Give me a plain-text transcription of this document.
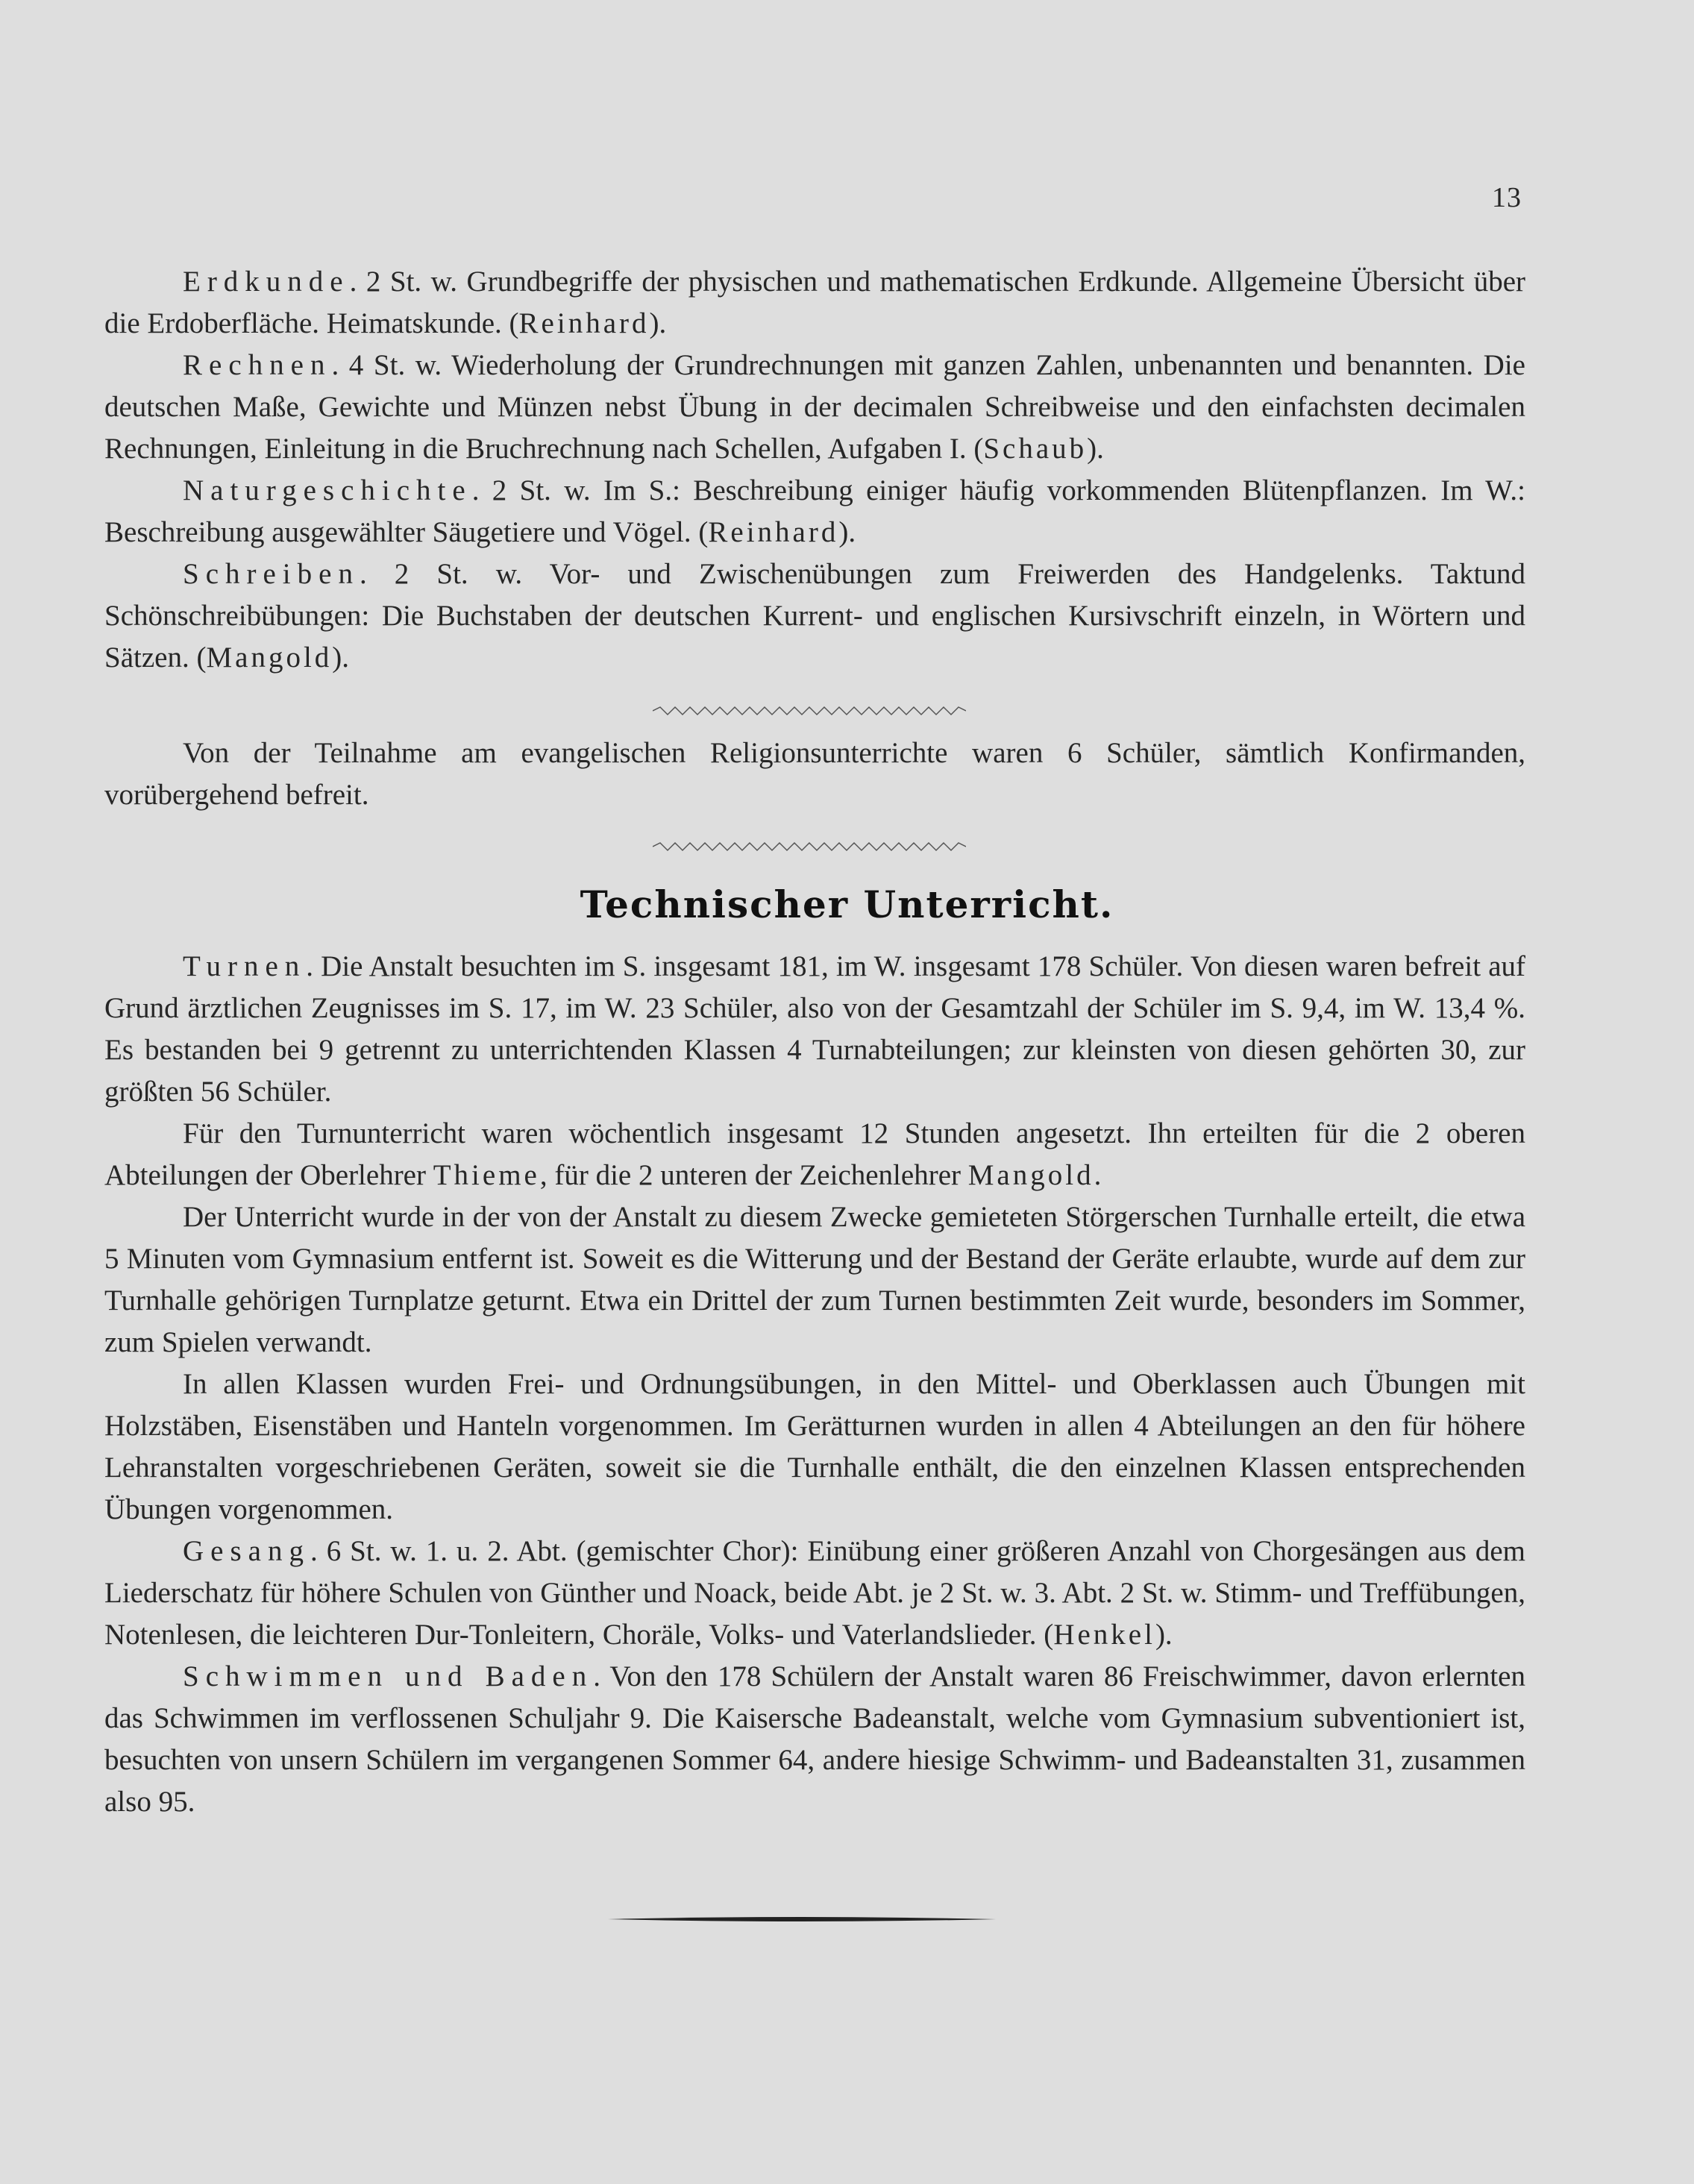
13

Erdkunde. 2 St. w. Grundbegriffe der physischen und mathematischen Erdkunde. Allgemeine Übersicht über die Erdoberfläche. Heimatskunde. (Reinhard).

Rechnen. 4 St. w. Wiederholung der Grundrechnungen mit ganzen Zahlen, unbenannten und benannten. Die deutschen Maße, Gewichte und Münzen nebst Übung in der decimalen Schreibweise und den einfachsten decimalen Rechnungen, Einleitung in die Bruchrechnung nach Schellen, Aufgaben I. (Schaub).

Naturgeschichte. 2 St. w. Im S.: Beschreibung einiger häufig vorkommenden Blütenpflanzen. Im W.: Beschreibung ausgewählter Säugetiere und Vögel. (Reinhard).

Schreiben. 2 St. w. Vor- und Zwischenübungen zum Freiwerden des Handgelenks. Taktund Schönschreibübungen: Die Buchstaben der deutschen Kurrent- und englischen Kursivschrift einzeln, in Wörtern und Sätzen. (Mangold).

Von der Teilnahme am evangelischen Religionsunterrichte waren 6 Schüler, sämtlich Konfirmanden, vorübergehend befreit.

Technischer Unterricht.

Turnen. Die Anstalt besuchten im S. insgesamt 181, im W. insgesamt 178 Schüler. Von diesen waren befreit auf Grund ärztlichen Zeugnisses im S. 17, im W. 23 Schüler, also von der Gesamtzahl der Schüler im S. 9,4, im W. 13,4 %. Es bestanden bei 9 getrennt zu unterrichtenden Klassen 4 Turnabteilungen; zur kleinsten von diesen gehörten 30, zur größten 56 Schüler.

Für den Turnunterricht waren wöchentlich insgesamt 12 Stunden angesetzt. Ihn erteilten für die 2 oberen Abteilungen der Oberlehrer Thieme, für die 2 unteren der Zeichenlehrer Mangold.

Der Unterricht wurde in der von der Anstalt zu diesem Zwecke gemieteten Störgerschen Turnhalle erteilt, die etwa 5 Minuten vom Gymnasium entfernt ist. Soweit es die Witterung und der Bestand der Geräte erlaubte, wurde auf dem zur Turnhalle gehörigen Turnplatze geturnt. Etwa ein Drittel der zum Turnen bestimmten Zeit wurde, besonders im Sommer, zum Spielen verwandt.

In allen Klassen wurden Frei- und Ordnungsübungen, in den Mittel- und Oberklassen auch Übungen mit Holzstäben, Eisenstäben und Hanteln vorgenommen. Im Gerätturnen wurden in allen 4 Abteilungen an den für höhere Lehranstalten vorgeschriebenen Geräten, soweit sie die Turnhalle enthält, die den einzelnen Klassen entsprechenden Übungen vorgenommen.

Gesang. 6 St. w. 1. u. 2. Abt. (gemischter Chor): Einübung einer größeren Anzahl von Chorgesängen aus dem Liederschatz für höhere Schulen von Günther und Noack, beide Abt. je 2 St. w. 3. Abt. 2 St. w. Stimm- und Treffübungen, Notenlesen, die leichteren Dur-Tonleitern, Choräle, Volks- und Vaterlandslieder. (Henkel).

Schwimmen und Baden. Von den 178 Schülern der Anstalt waren 86 Freischwimmer, davon erlernten das Schwimmen im verflossenen Schuljahr 9. Die Kaisersche Badeanstalt, welche vom Gymnasium subventioniert ist, besuchten von unsern Schülern im vergangenen Sommer 64, andere hiesige Schwimm- und Badeanstalten 31, zusammen also 95.
